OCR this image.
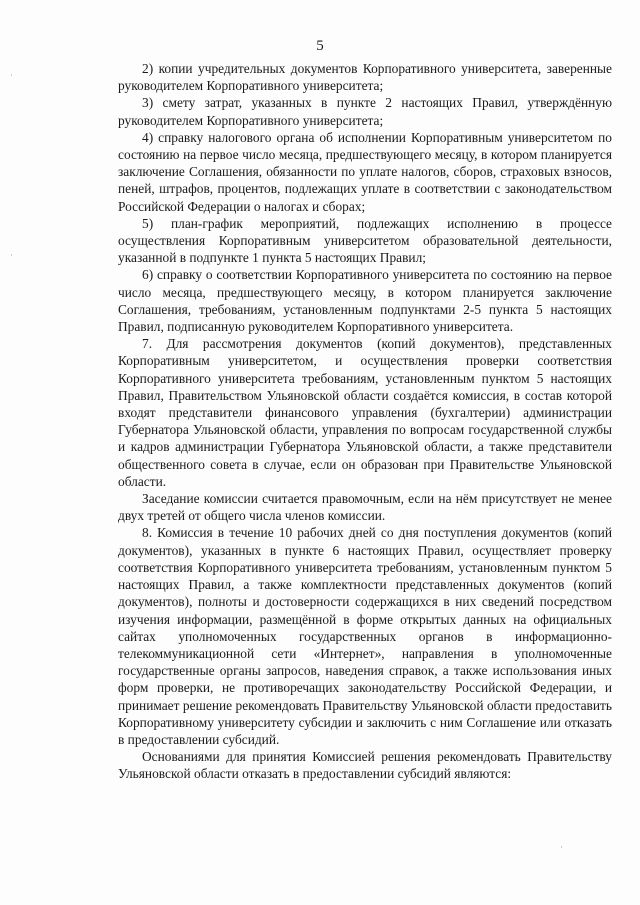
5

2) копии учредительных документов Корпоративного университета, заверенные руководителем Корпоративного университета;

3) смету затрат, указанных в пункте 2 настоящих Правил, утверждённую руководителем Корпоративного университета;

4) справку налогового органа об исполнении Корпоративным университетом по состоянию на первое число месяца, предшествующего месяцу, в котором планируется заключение Соглашения, обязанности по уплате налогов, сборов, страховых взносов, пеней, штрафов, процентов, подлежащих уплате в соответствии с законодательством Российской Федерации о налогах и сборах;

5) план-график мероприятий, подлежащих исполнению в процессе осуществления Корпоративным университетом образовательной деятельности, указанной в подпункте 1 пункта 5 настоящих Правил;

6) справку о соответствии Корпоративного университета по состоянию на первое число месяца, предшествующего месяцу, в котором планируется заключение Соглашения, требованиям, установленным подпунктами 2-5 пункта 5 настоящих Правил, подписанную руководителем Корпоративного университета.

7. Для рассмотрения документов (копий документов), представленных Корпоративным университетом, и осуществления проверки соответствия Корпоративного университета требованиям, установленным пунктом 5 настоящих Правил, Правительством Ульяновской области создаётся комиссия, в состав которой входят представители финансового управления (бухгалтерии) администрации Губернатора Ульяновской области, управления по вопросам государственной службы и кадров администрации Губернатора Ульяновской области, а также представители общественного совета в случае, если он образован при Правительстве Ульяновской области.

Заседание комиссии считается правомочным, если на нём присутствует не менее двух третей от общего числа членов комиссии.

8. Комиссия в течение 10 рабочих дней со дня поступления документов (копий документов), указанных в пункте 6 настоящих Правил, осуществляет проверку соответствия Корпоративного университета требованиям, установленным пунктом 5 настоящих Правил, а также комплектности представленных документов (копий документов), полноты и достоверности содержащихся в них сведений посредством изучения информации, размещённой в форме открытых данных на официальных сайтах уполномоченных государственных органов в информационно-телекоммуникационной сети «Интернет», направления в уполномоченные государственные органы запросов, наведения справок, а также использования иных форм проверки, не противоречащих законодательству Российской Федерации, и принимает решение рекомендовать Правительству Ульяновской области предоставить Корпоративному университету субсидии и заключить с ним Соглашение или отказать в предоставлении субсидий.

Основаниями для принятия Комиссией решения рекомендовать Правительству Ульяновской области отказать в предоставлении субсидий являются:

·
·
·
